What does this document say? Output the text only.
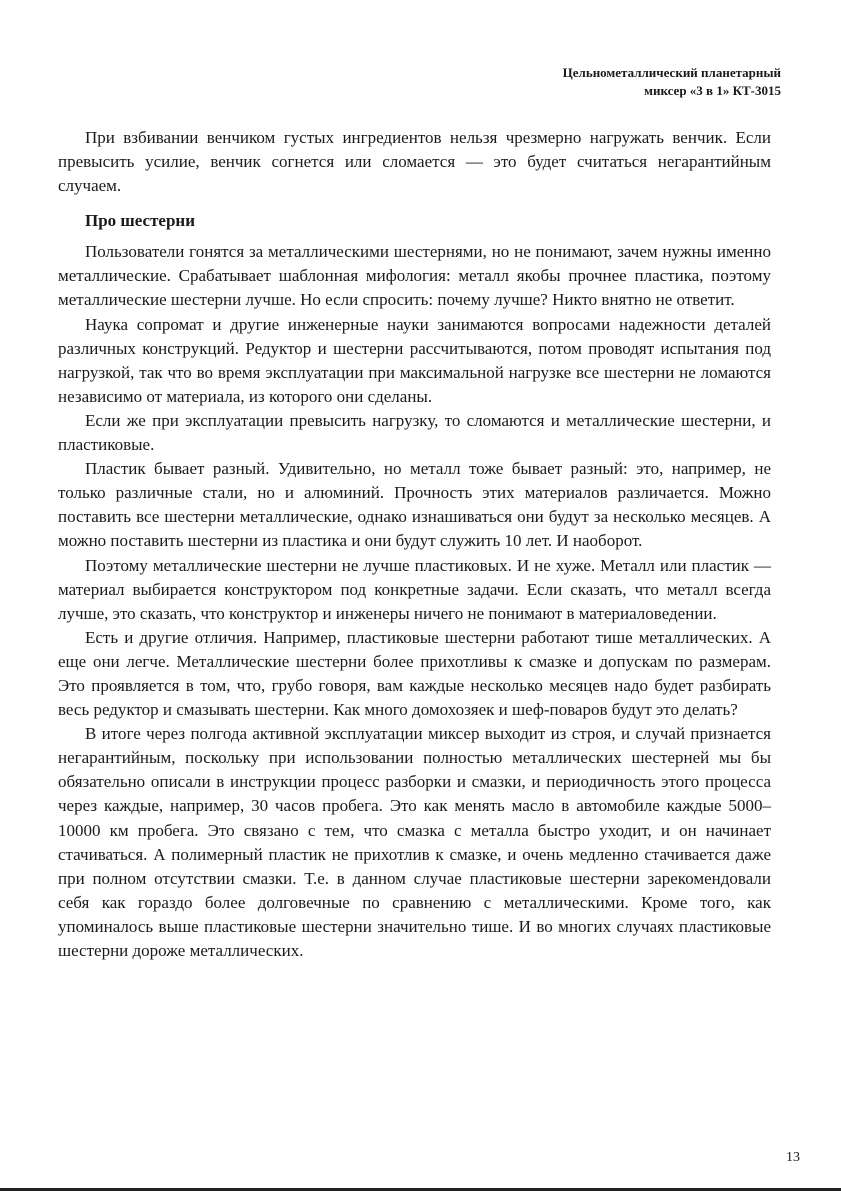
Цельнометаллический планетарный
миксер «3 в 1» КТ-3015

При взбивании венчиком густых ингредиентов нельзя чрезмерно нагружать венчик. Если превысить усилие, венчик согнется или сломается — это будет считаться негарантийным случаем.

Про шестерни

Пользователи гонятся за металлическими шестернями, но не понимают, зачем нужны именно металлические. Срабатывает шаблонная мифология: металл якобы прочнее пластика, поэтому металлические шестерни лучше. Но если спросить: почему лучше? Никто внятно не ответит.

Наука сопромат и другие инженерные науки занимаются вопросами надежности деталей различных конструкций. Редуктор и шестерни рассчитываются, потом проводят испытания под нагрузкой, так что во время эксплуатации при максимальной нагрузке все шестерни не ломаются независимо от материала, из которого они сделаны.

Если же при эксплуатации превысить нагрузку, то сломаются и металлические шестерни, и пластиковые.

Пластик бывает разный. Удивительно, но металл тоже бывает разный: это, например, не только различные стали, но и алюминий. Прочность этих материалов различается. Можно поставить все шестерни металлические, однако изнашиваться они будут за несколько месяцев. А можно поставить шестерни из пластика и они будут служить 10 лет. И наоборот.

Поэтому металлические шестерни не лучше пластиковых. И не хуже. Металл или пластик — материал выбирается конструктором под конкретные задачи. Если сказать, что металл всегда лучше, это сказать, что конструктор и инженеры ничего не понимают в материаловедении.

Есть и другие отличия. Например, пластиковые шестерни работают тише металлических. А еще они легче. Металлические шестерни более прихотливы к смазке и допускам по размерам. Это проявляется в том, что, грубо говоря, вам каждые несколько месяцев надо будет разбирать весь редуктор и смазывать шестерни. Как много домохозяек и шеф-поваров будут это делать?

В итоге через полгода активной эксплуатации миксер выходит из строя, и случай признается негарантийным, поскольку при использовании полностью металлических шестерней мы бы обязательно описали в инструкции процесс разборки и смазки, и периодичность этого процесса через каждые, например, 30 часов пробега. Это как менять масло в автомобиле каждые 5000–10000 км пробега. Это связано с тем, что смазка с металла быстро уходит, и он начинает стачиваться. А полимерный пластик не прихотлив к смазке, и очень медленно стачивается даже при полном отсутствии смазки. Т.е. в данном случае пластиковые шестерни зарекомендовали себя как гораздо более долговечные по сравнению с металлическими. Кроме того, как упоминалось выше пластиковые шестерни значительно тише. И во многих случаях пластиковые шестерни дороже металлических.

13
